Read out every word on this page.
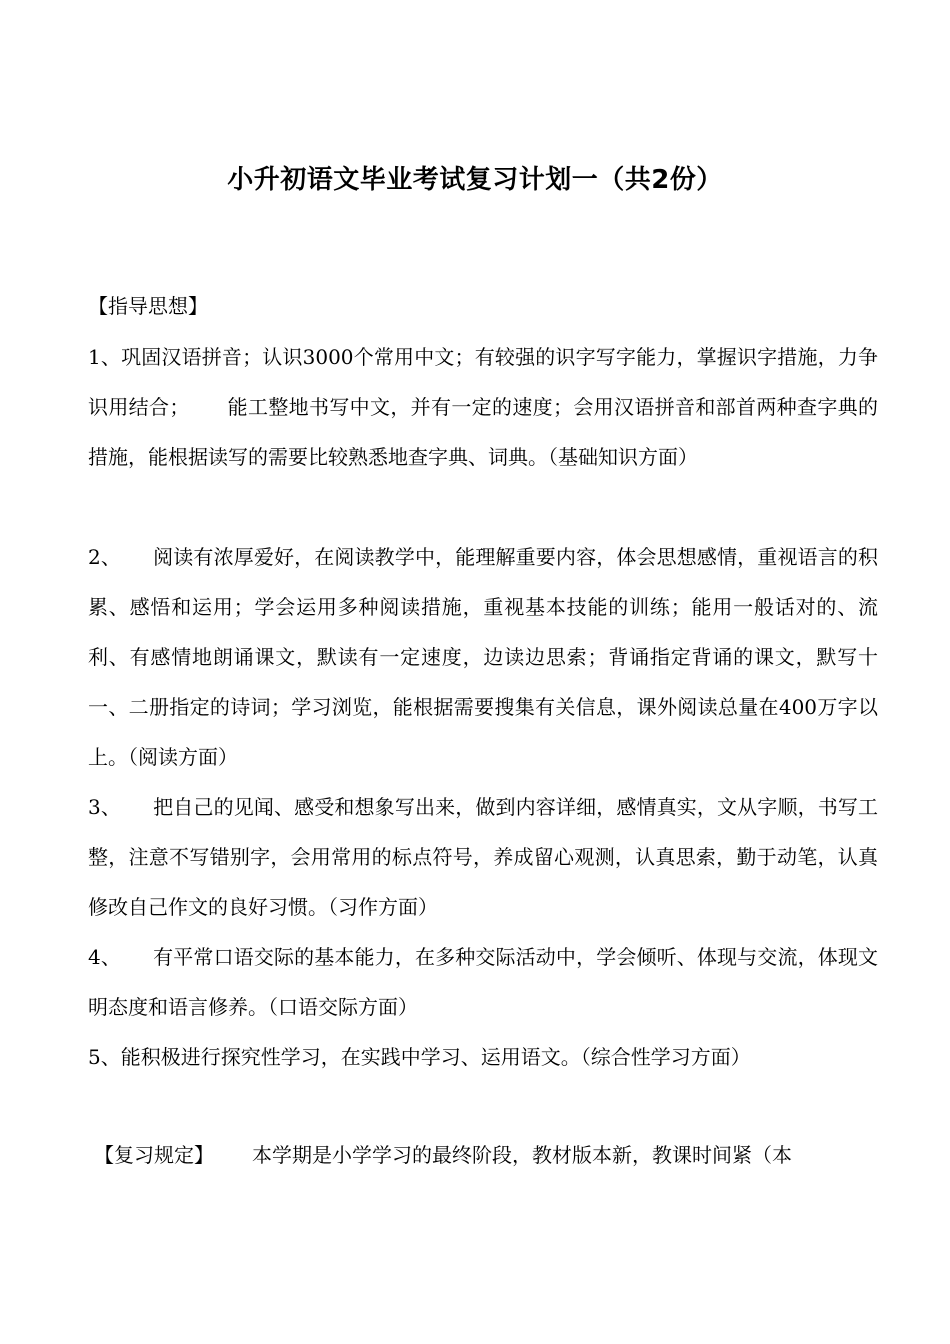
小升初语文毕业考试复习计划一（共2份）
【指导思想】
1、巩固汉语拼音；认识3000个常用中文；有较强的识字写字能力，掌握识字措施，力争识用结合； 能工整地书写中文，并有一定的速度；会用汉语拼音和部首两种查字典的措施，能根据读写的需要比较熟悉地查字典、词典。（基础知识方面）
2、 阅读有浓厚爱好，在阅读教学中，能理解重要内容，体会思想感情，重视语言的积累、感悟和运用；学会运用多种阅读措施，重视基本技能的训练；能用一般话对的、流利、有感情地朗诵课文，默读有一定速度，边读边思索；背诵指定背诵的课文，默写十一、二册指定的诗词；学习浏览，能根据需要搜集有关信息，课外阅读总量在400万字以上。（阅读方面）
3、 把自己的见闻、感受和想象写出来，做到内容详细，感情真实，文从字顺，书写工整，注意不写错别字，会用常用的标点符号，养成留心观测，认真思索，勤于动笔，认真修改自己作文的良好习惯。（习作方面）
4、 有平常口语交际的基本能力，在多种交际活动中，学会倾听、体现与交流，体现文明态度和语言修养。（口语交际方面）
5、能积极进行探究性学习，在实践中学习、运用语文。（综合性学习方面）
【复习规定】 本学期是小学学习的最终阶段，教材版本新，教课时间紧（本
